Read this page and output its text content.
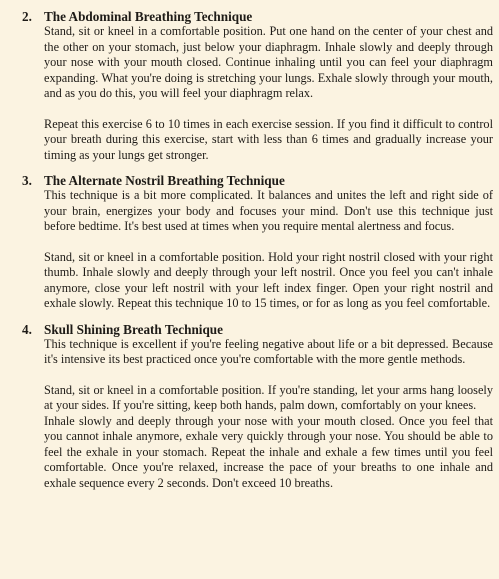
2. The Abdominal Breathing Technique

Stand, sit or kneel in a comfortable position. Put one hand on the center of your chest and the other on your stomach, just below your diaphragm. Inhale slowly and deeply through your nose with your mouth closed. Continue inhaling until you can feel your diaphragm expanding. What you're doing is stretching your lungs. Exhale slowly through your mouth, and as you do this, you will feel your diaphragm relax.

Repeat this exercise 6 to 10 times in each exercise session. If you find it difficult to control your breath during this exercise, start with less than 6 times and gradually increase your timing as your lungs get stronger.

3. The Alternate Nostril Breathing Technique

This technique is a bit more complicated. It balances and unites the left and right side of your brain, energizes your body and focuses your mind. Don't use this technique just before bedtime. It's best used at times when you require mental alertness and focus.

Stand, sit or kneel in a comfortable position. Hold your right nostril closed with your right thumb. Inhale slowly and deeply through your left nostril. Once you feel you can't inhale anymore, close your left nostril with your left index finger. Open your right nostril and exhale slowly. Repeat this technique 10 to 15 times, or for as long as you feel comfortable.

4. Skull Shining Breath Technique

This technique is excellent if you're feeling negative about life or a bit depressed. Because it's intensive its best practiced once you're comfortable with the more gentle methods.

Stand, sit or kneel in a comfortable position. If you're standing, let your arms hang loosely at your sides. If you're sitting, keep both hands, palm down, comfortably on your knees.

Inhale slowly and deeply through your nose with your mouth closed. Once you feel that you cannot inhale anymore, exhale very quickly through your nose. You should be able to feel the exhale in your stomach. Repeat the inhale and exhale a few times until you feel comfortable. Once you're relaxed, increase the pace of your breaths to one inhale and exhale sequence every 2 seconds. Don't exceed 10 breaths.
